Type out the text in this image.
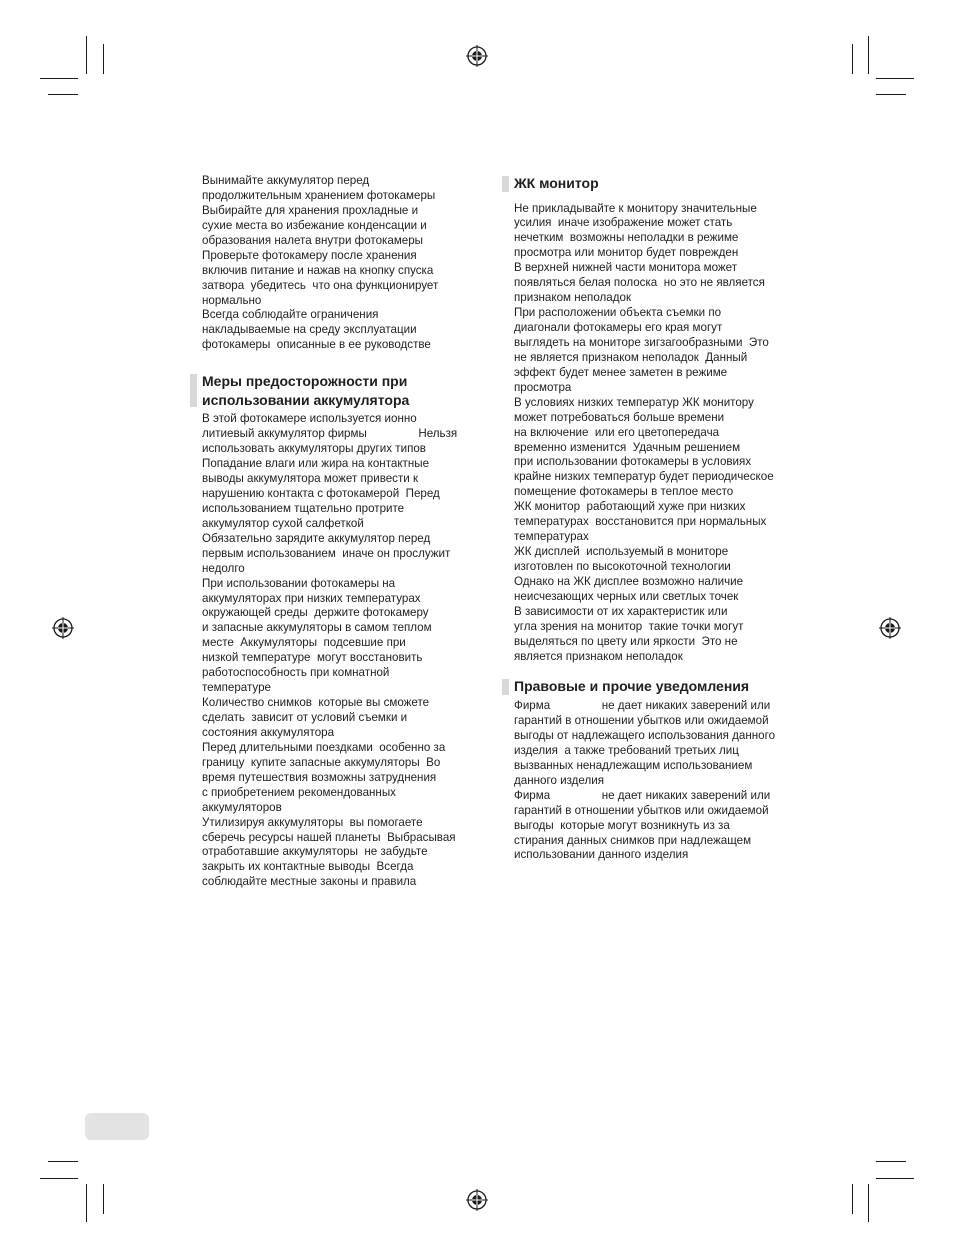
Вынимайте аккумулятор перед
продолжительным хранением фотокамеры
Выбирайте для хранения прохладные и
сухие места во избежание конденсации и
образования налета внутри фотокамеры
Проверьте фотокамеру после хранения
включив питание и нажав на кнопку спуска
затвора  убедитесь  что она функционирует
нормально
Всегда соблюдайте ограничения
накладываемые на среду эксплуатации
фотокамеры  описанные в ее руководстве
Меры предосторожности при
использовании аккумулятора
В этой фотокамере используется ионно
литиевый аккумулятор фирмы                Нельзя
использовать аккумуляторы других типов
Попадание влаги или жира на контактные
выводы аккумулятора может привести к
нарушению контакта с фотокамерой  Перед
использованием тщательно протрите
аккумулятор сухой салфеткой
Обязательно зарядите аккумулятор перед
первым использованием  иначе он прослужит
недолго
При использовании фотокамеры на
аккумуляторах при низких температурах
окружающей среды  держите фотокамеру
и запасные аккумуляторы в самом теплом
месте  Аккумуляторы  подсевшие при
низкой температуре  могут восстановить
работоспособность при комнатной
температуре
Количество снимков  которые вы сможете
сделать  зависит от условий съемки и
состояния аккумулятора
Перед длительными поездками  особенно за
границу  купите запасные аккумуляторы  Во
время путешествия возможны затруднения
с приобретением рекомендованных
аккумуляторов
Утилизируя аккумуляторы  вы помогаете
сберечь ресурсы нашей планеты  Выбрасывая
отработавшие аккумуляторы  не забудьте
закрыть их контактные выводы  Всегда
соблюдайте местные законы и правила
ЖК монитор
Не прикладывайте к монитору значительные
усилия  иначе изображение может стать
нечетким  возможны неполадки в режиме
просмотра или монитор будет поврежден
В верхней нижней части монитора может
появляться белая полоска  но это не является
признаком неполадок
При расположении объекта съемки по
диагонали фотокамеры его края могут
выглядеть на мониторе зигзагообразными  Это
не является признаком неполадок  Данный
эффект будет менее заметен в режиме
просмотра
В условиях низких температур ЖК монитору
может потребоваться больше времени
на включение  или его цветопередача
временно изменится  Удачным решением
при использовании фотокамеры в условиях
крайне низких температур будет периодическое
помещение фотокамеры в теплое место
ЖК монитор  работающий хуже при низких
температурах  восстановится при нормальных
температурах
ЖК дисплей  используемый в мониторе
изготовлен по высокоточной технологии
Однако на ЖК дисплее возможно наличие
неисчезающих черных или светлых точек
В зависимости от их характеристик или
угла зрения на монитор  такие точки могут
выделяться по цвету или яркости  Это не
является признаком неполадок
Правовые и прочие уведомления
Фирма                не дает никаких заверений или
гарантий в отношении убытков или ожидаемой
выгоды от надлежащего использования данного
изделия  а также требований третьих лиц
вызванных ненадлежащим использованием
данного изделия
Фирма                не дает никаких заверений или
гарантий в отношении убытков или ожидаемой
выгоды  которые могут возникнуть из за
стирания данных снимков при надлежащем
использовании данного изделия
